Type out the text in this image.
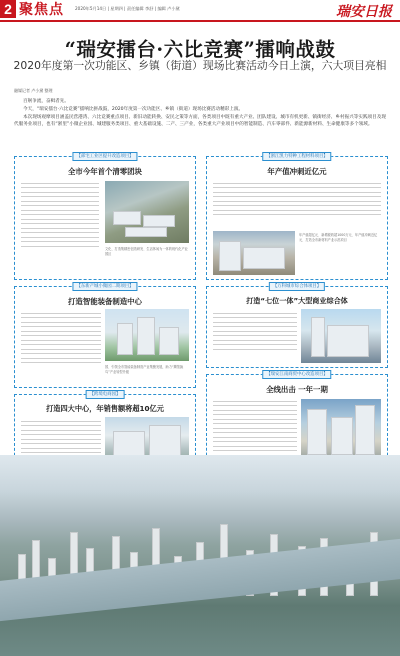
2 聚焦点	2020年5月14日 | 星期四 | 责任编辑 李舒 | 编辑 卢小黛	瑞安日报
“瑞安擂台·六比竞赛”擂响战鼓
2020年度第一次功能区、乡镇（街道）现场比赛活动今日上演，六大项目亮相
融媒记者 卢小黛 整理

百舸争流，奋楫者先。

今天，“瑞安擂台·六比竞赛”擂响比拼战鼓，2020年度第一次功能区、乡镇（街道）现场比赛活动精彩上演。

本次现场观摩项目涵盖民营港湾、六比竞赛重点项目、新旧动能转换、安民之策等方面，各类项目中既有重大产业、团队建设、城市有机更新、镇街经济、乡村振兴等实践项目及现代服务业项目，也有“浙里”小微企业园、城建服务类项目、重大基础设施、二产、三产业，各类重大产业项目中的智能制造、汽车零部件、新能源新材料、生命健康等多个领域。

【部宅工业区提升改造项目】
全市今年首个清零团块
文化、打造集精密创造研发、生活休闲为一体的现代化产业园区
【浙江凯力特种工程材料项目】
年产值冲刺近亿元
年产值超亿元、新增税收超1000万元、年产值冲刺近亿元、打造全市新材料产业示范项目
【东新产城小微园二期项目】
打造智能装备制造中心
园、引领全市智能装备制造产业集聚发展，助力“腾笼换鸟”产业转型升级
【万科城市综合体项目】
打造“七位一体”大型商业综合体
【跨境电商园】
打造四大中心，年销售额将超10亿元
【瑞安江南商贸中心改造项目】
全线出击 一年一期
